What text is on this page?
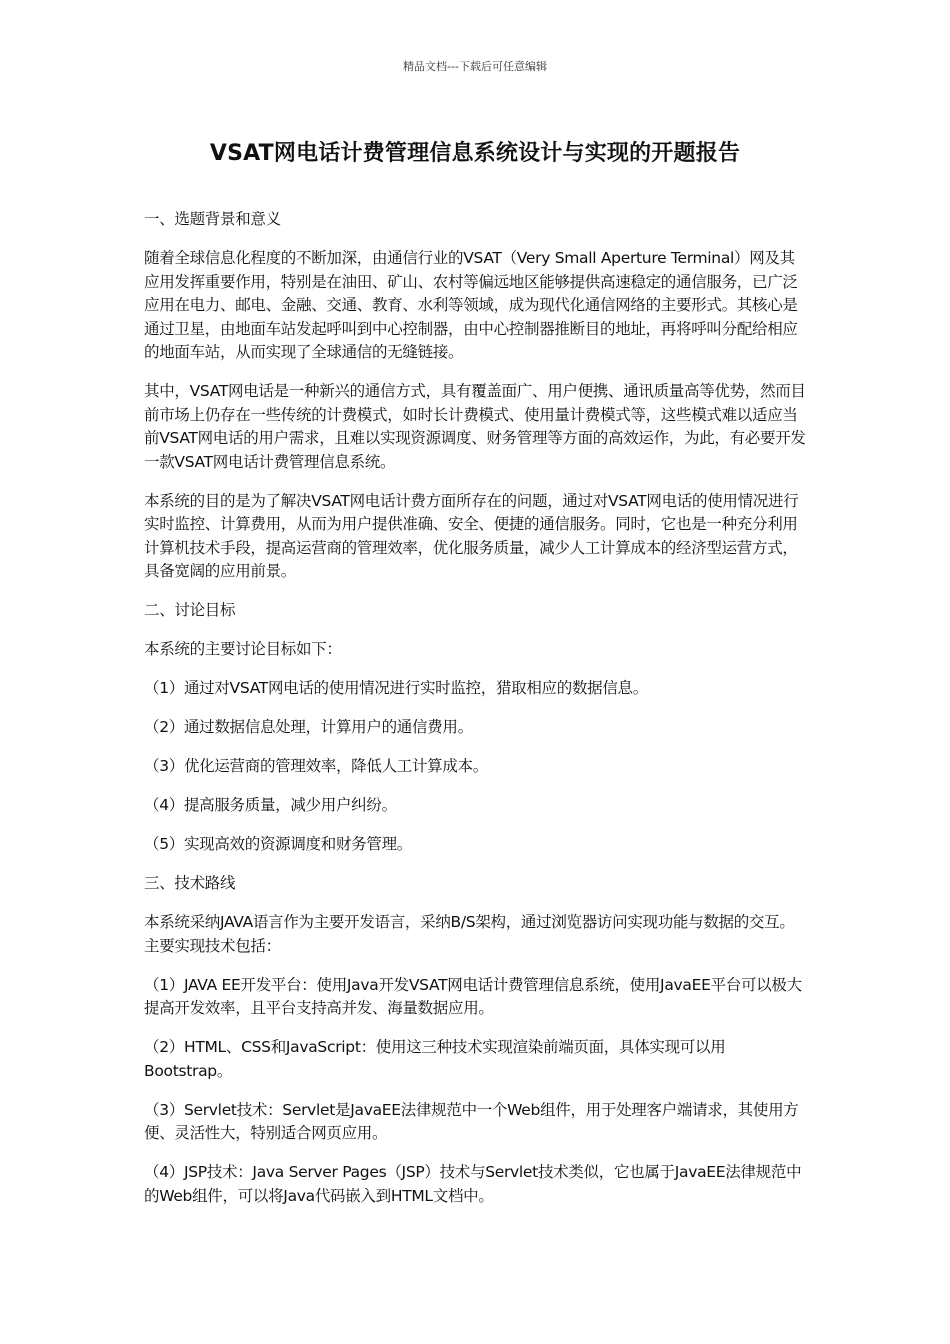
精品文档---下载后可任意编辑
VSAT网电话计费管理信息系统设计与实现的开题报告

一、选题背景和意义

随着全球信息化程度的不断加深，由通信行业的VSAT（Very Small Aperture Terminal）网及其应用发挥重要作用，特别是在油田、矿山、农村等偏远地区能够提供高速稳定的通信服务，已广泛应用在电力、邮电、金融、交通、教育、水利等领域，成为现代化通信网络的主要形式。其核心是通过卫星，由地面车站发起呼叫到中心控制器，由中心控制器推断目的地址，再将呼叫分配给相应的地面车站，从而实现了全球通信的无缝链接。

其中，VSAT网电话是一种新兴的通信方式，具有覆盖面广、用户便携、通讯质量高等优势，然而目前市场上仍存在一些传统的计费模式，如时长计费模式、使用量计费模式等，这些模式难以适应当前VSAT网电话的用户需求，且难以实现资源调度、财务管理等方面的高效运作，为此，有必要开发一款VSAT网电话计费管理信息系统。

本系统的目的是为了解决VSAT网电话计费方面所存在的问题，通过对VSAT网电话的使用情况进行实时监控、计算费用，从而为用户提供准确、安全、便捷的通信服务。同时，它也是一种充分利用计算机技术手段，提高运营商的管理效率，优化服务质量，减少人工计算成本的经济型运营方式，具备宽阔的应用前景。

二、讨论目标

本系统的主要讨论目标如下：

（1）通过对VSAT网电话的使用情况进行实时监控，猎取相应的数据信息。

（2）通过数据信息处理，计算用户的通信费用。

（3）优化运营商的管理效率，降低人工计算成本。

（4）提高服务质量，减少用户纠纷。

（5）实现高效的资源调度和财务管理。

三、技术路线

本系统采纳JAVA语言作为主要开发语言，采纳B/S架构，通过浏览器访问实现功能与数据的交互。主要实现技术包括：

（1）JAVA EE开发平台：使用Java开发VSAT网电话计费管理信息系统，使用JavaEE平台可以极大提高开发效率，且平台支持高并发、海量数据应用。

（2）HTML、CSS和JavaScript：使用这三种技术实现渲染前端页面，具体实现可以用Bootstrap。

（3）Servlet技术：Servlet是JavaEE法律规范中一个Web组件，用于处理客户端请求，其使用方便、灵活性大，特别适合网页应用。

（4）JSP技术：Java Server Pages（JSP）技术与Servlet技术类似，它也属于JavaEE法律规范中的Web组件，可以将Java代码嵌入到HTML文档中。
